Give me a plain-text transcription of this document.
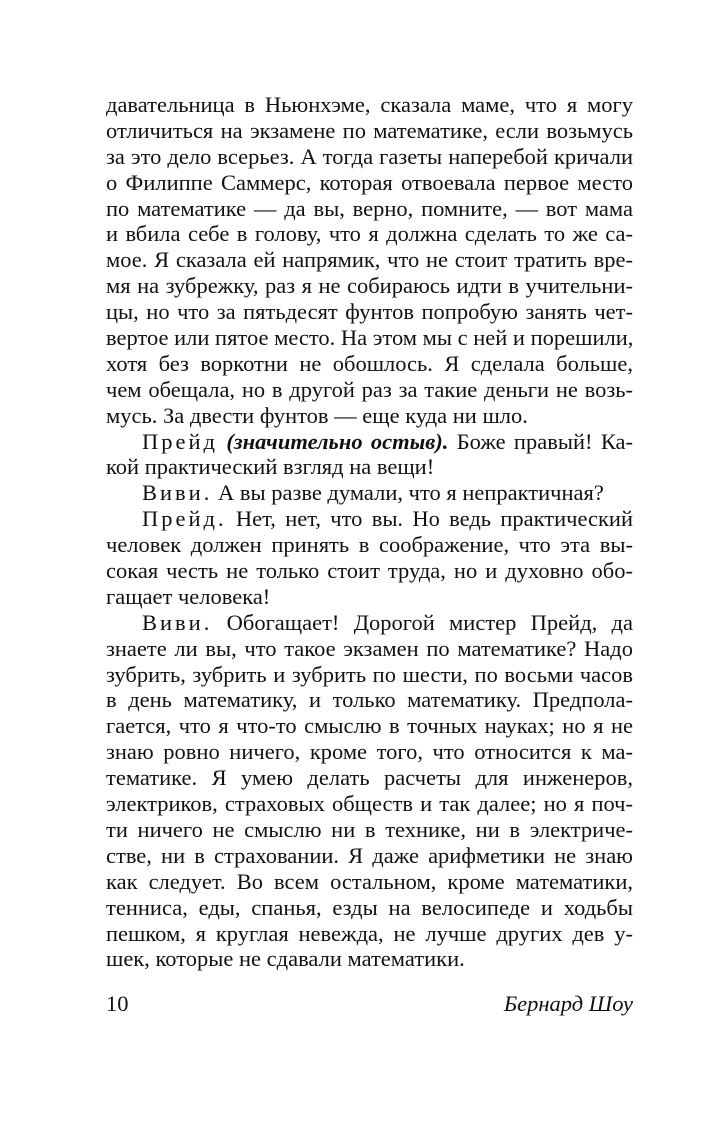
давательница в Ньюнхэме, сказала маме, что я могу
отличиться на экзамене по математике, если возьмусь
за это дело всерьез. А тогда газеты наперебой кричали
о Филиппе Саммерс, которая отвоевала первое место
по математике — да вы, верно, помните, — вот мама
и вбила себе в голову, что я должна сделать то же са-
мое. Я сказала ей напрямик, что не стоит тратить вре-
мя на зубрежку, раз я не собираюсь идти в учительни-
цы, но что за пятьдесят фунтов попробую занять чет-
вертое или пятое место. На этом мы с ней и порешили,
хотя без воркотни не обошлось. Я сделала больше,
чем обещала, но в другой раз за такие деньги не возь-
мусь. За двести фунтов — еще куда ни шло.
Прейд (значительно остыв). Боже правый! Ка-
кой практический взгляд на вещи!
Виви. А вы разве думали, что я непрактичная?
Прейд. Нет, нет, что вы. Но ведь практический
человек должен принять в соображение, что эта вы-
сокая честь не только стоит труда, но и духовно обо-
гащает человека!
Виви. Обогащает! Дорогой мистер Прейд, да
знаете ли вы, что такое экзамен по математике? Надо
зубрить, зубрить и зубрить по шести, по восьми часов
в день математику, и только математику. Предпола-
гается, что я что-то смыслю в точных науках; но я не
знаю ровно ничего, кроме того, что относится к ма-
тематике. Я умею делать расчеты для инженеров,
электриков, страховых обществ и так далее; но я поч-
ти ничего не смыслю ни в технике, ни в электриче-
стве, ни в страховании. Я даже арифметики не знаю
как следует. Во всем остальном, кроме математики,
тенниса, еды, спанья, езды на велосипеде и ходьбы
пешком, я круглая невежда, не лучше других дев у-
шек, которые не сдавали математики.
10	Бернард Шоу
